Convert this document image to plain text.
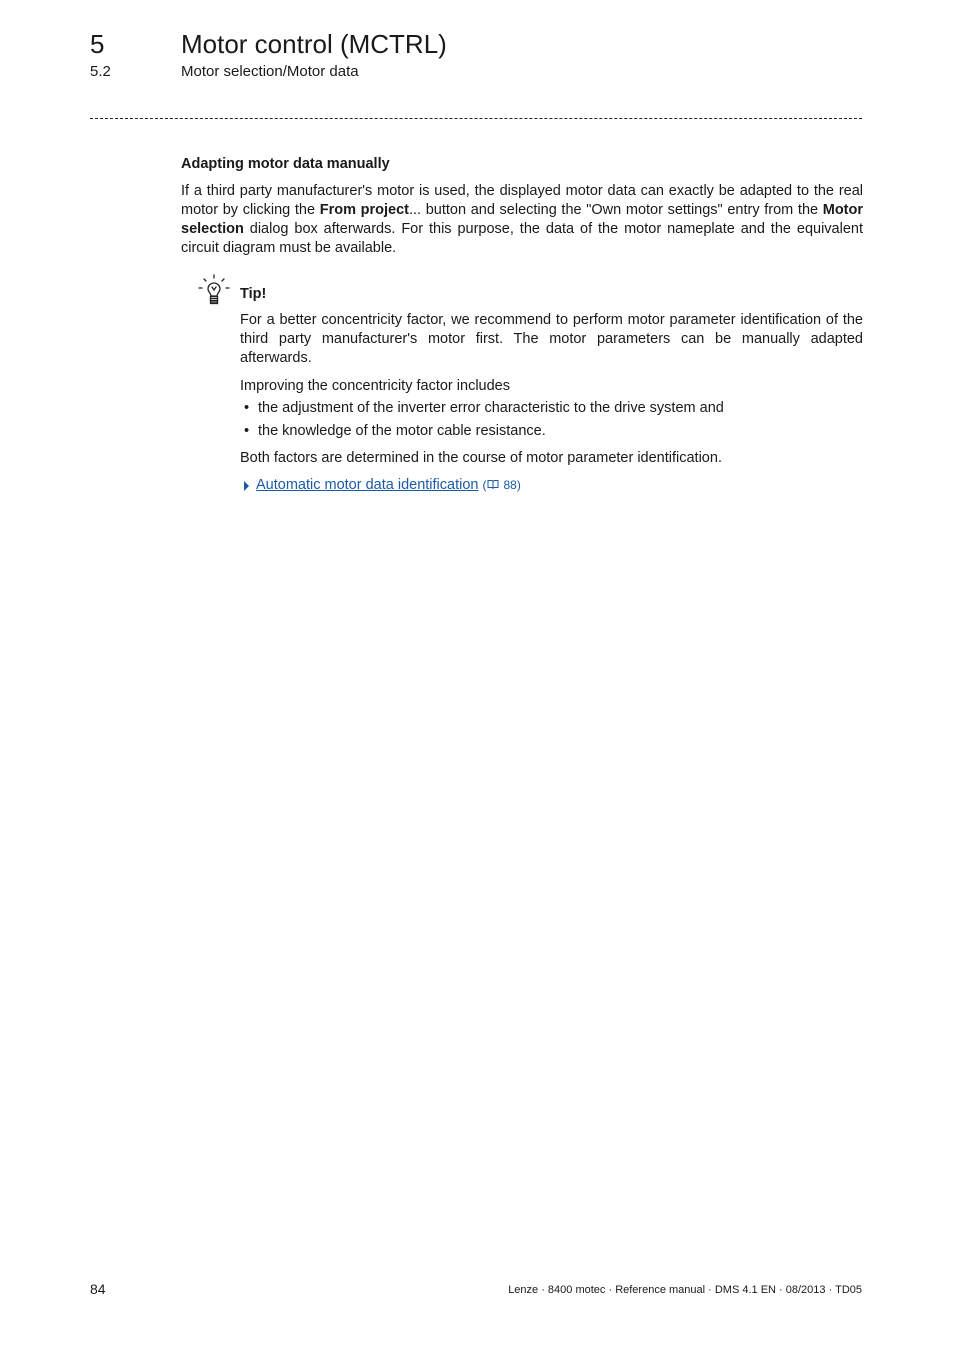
5	Motor control (MCTRL)
5.2	Motor selection/Motor data
Adapting motor data manually
If a third party manufacturer's motor is used, the displayed motor data can exactly be adapted to the real motor by clicking the From project... button and selecting the "Own motor settings" entry from the Motor selection dialog box afterwards. For this purpose, the data of the motor nameplate and the equivalent circuit diagram must be available.
Tip!
For a better concentricity factor, we recommend to perform motor parameter identification of the third party manufacturer's motor first. The motor parameters can be manually adapted afterwards.
Improving the concentricity factor includes
• the adjustment of the inverter error characteristic to the drive system and
• the knowledge of the motor cable resistance.
Both factors are determined in the course of motor parameter identification.
Automatic motor data identification ( 88 )
84	Lenze · 8400 motec · Reference manual · DMS 4.1 EN · 08/2013 · TD05
